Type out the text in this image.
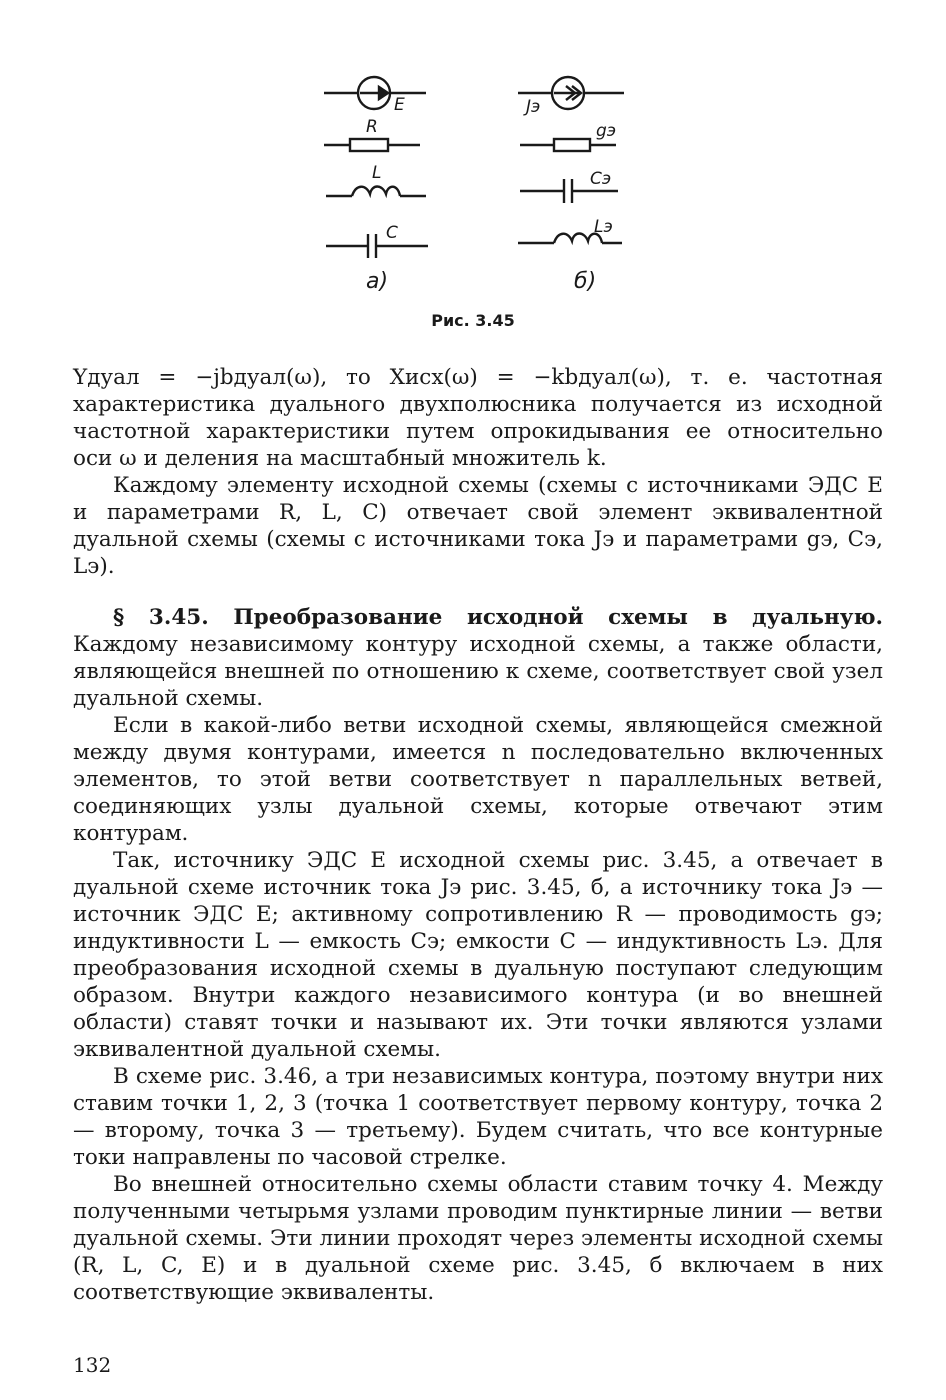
E
R
L
C
Jэ
gэ
Cэ
Lэ
а)	б)
Рис. 3.45

Yдуал = −jbдуал(ω), то Xисх(ω) = −kbдуал(ω), т. е. частотная характеристика дуального двухполюсника получается из исходной частотной характеристики путем опрокидывания ее относительно оси ω и деления на масштабный множитель k.

Каждому элементу исходной схемы (схемы с источниками ЭДС E и параметрами R, L, C) отвечает свой элемент эквивалентной дуальной схемы (схемы с источниками тока Jэ и параметрами gэ, Cэ, Lэ).

§ 3.45. Преобразование исходной схемы в дуальную. Каждому независимому контуру исходной схемы, а также области, являющейся внешней по отношению к схеме, соответствует свой узел дуальной схемы.

Если в какой-либо ветви исходной схемы, являющейся смежной между двумя контурами, имеется n последовательно включенных элементов, то этой ветви соответствует n параллельных ветвей, соединяющих узлы дуальной схемы, которые отвечают этим контурам.

Так, источнику ЭДС E исходной схемы рис. 3.45, а отвечает в дуальной схеме источник тока Jэ рис. 3.45, б, а источнику тока Jэ — источник ЭДС E; активному сопротивлению R — проводимость gэ; индуктивности L — емкость Cэ; емкости C — индуктивность Lэ. Для преобразования исходной схемы в дуальную поступают следующим образом. Внутри каждого независимого контура (и во внешней области) ставят точки и называют их. Эти точки являются узлами эквивалентной дуальной схемы.

В схеме рис. 3.46, а три независимых контура, поэтому внутри них ставим точки 1, 2, 3 (точка 1 соответствует первому контуру, точка 2 — второму, точка 3 — третьему). Будем считать, что все контурные токи направлены по часовой стрелке.

Во внешней относительно схемы области ставим точку 4. Между полученными четырьмя узлами проводим пунктирные линии — ветви дуальной схемы. Эти линии проходят через элементы исходной схемы (R, L, C, E) и в дуальной схеме рис. 3.45, б включаем в них соответствующие эквиваленты.

132
